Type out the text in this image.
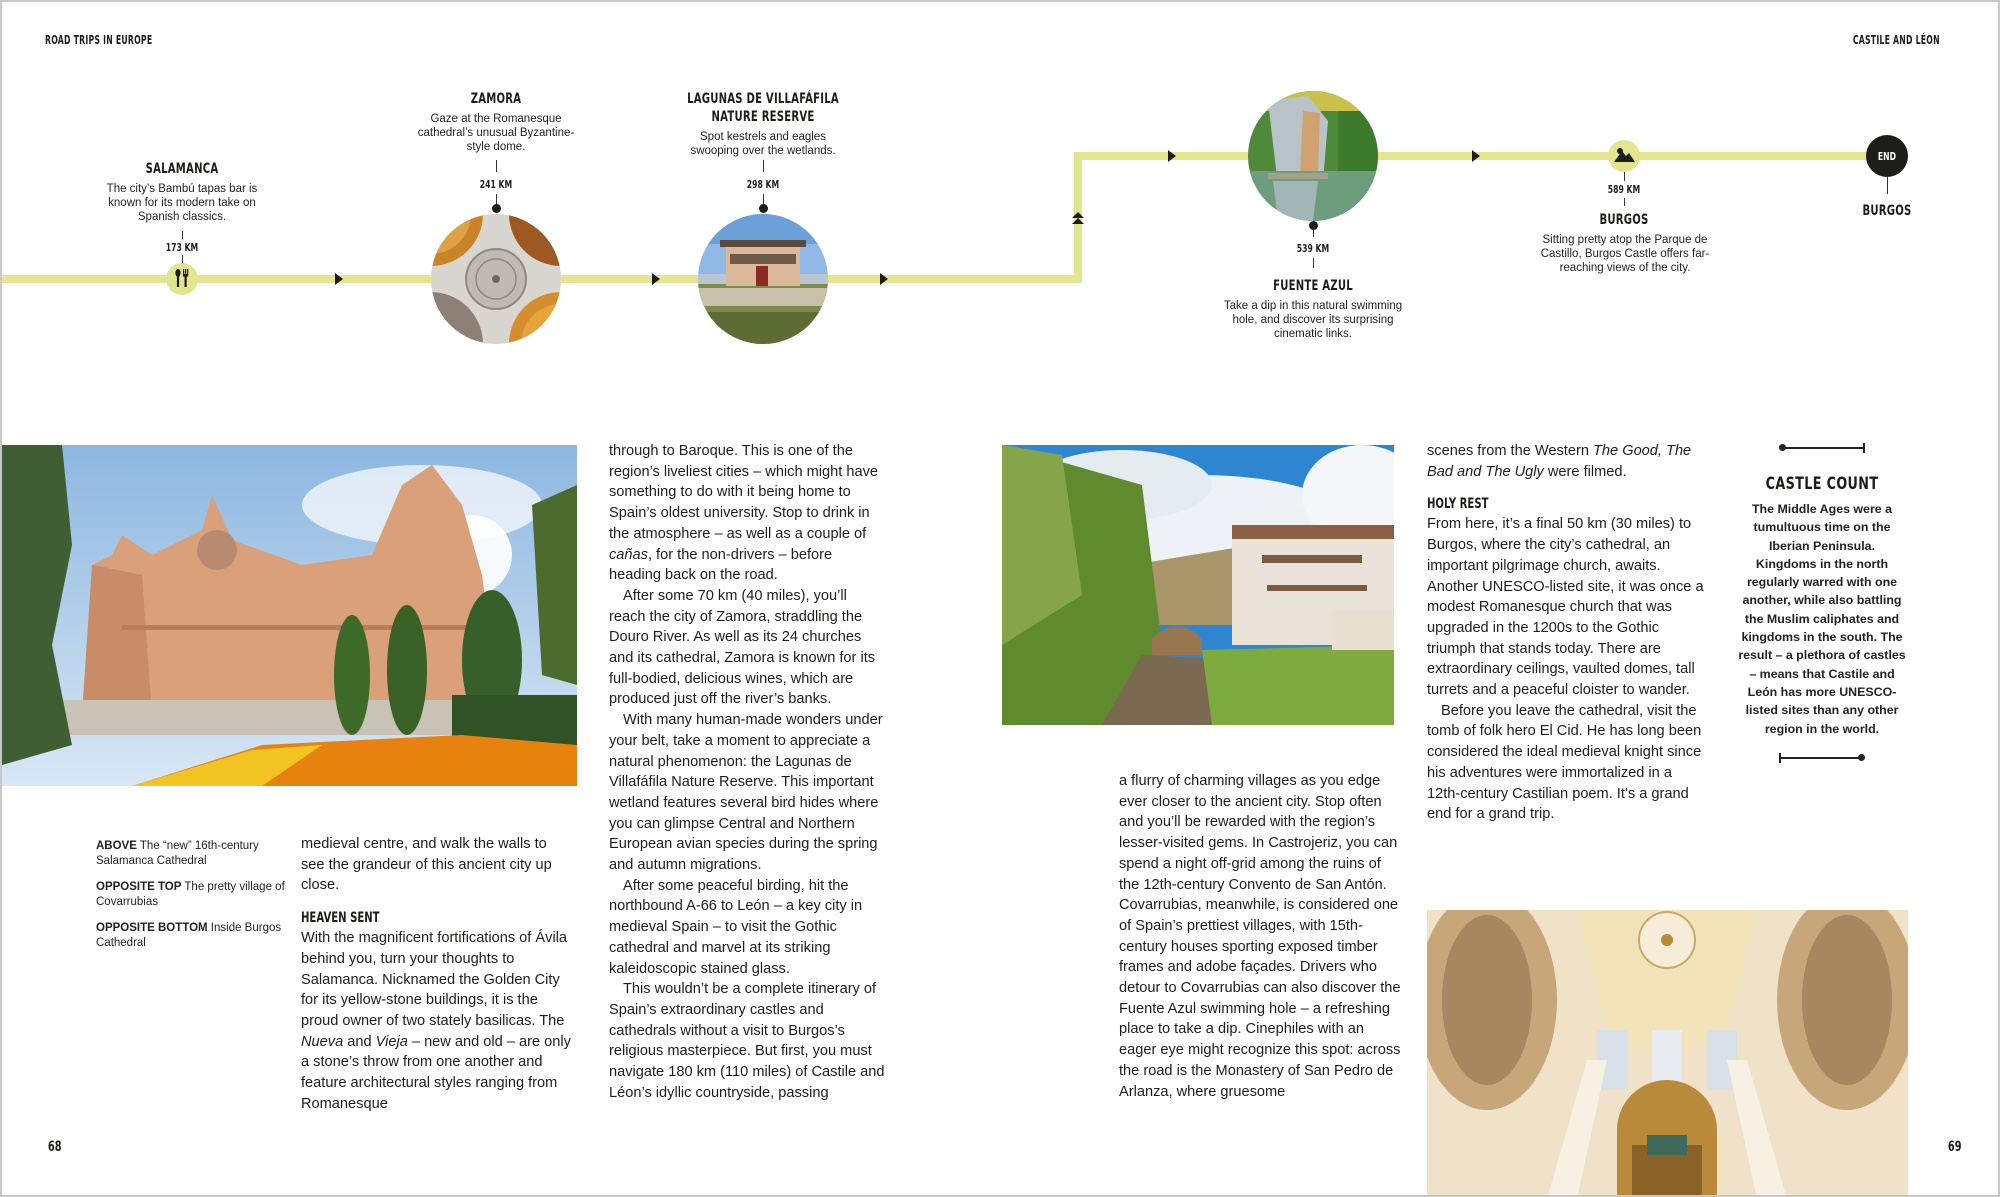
ROAD TRIPS IN EUROPE	CASTILE AND LÉON
SALAMANCA
The city’s Bambú tapas bar is known for its modern take on Spanish classics.
173 KM
ZAMORA
Gaze at the Romanesque cathedral’s unusual Byzantine-style dome.
241 KM
LAGUNAS DE VILLAFÁFILA
NATURE RESERVE
Spot kestrels and eagles swooping over the wetlands.
298 KM
539 KM
FUENTE AZUL
Take a dip in this natural swimming hole, and discover its surprising cinematic links.
589 KM
BURGOS
Sitting pretty atop the Parque de Castillo, Burgos Castle offers far-reaching views of the city.
END
BURGOS
ABOVE The “new” 16th-century Salamanca Cathedral
OPPOSITE TOP The pretty village of Covarrubias
OPPOSITE BOTTOM Inside Burgos Cathedral

medieval centre, and walk the walls to see the grandeur of this ancient city up close.

HEAVEN SENT

With the magnificent fortifications of Ávila behind you, turn your thoughts to Salamanca. Nicknamed the Golden City for its yellow-stone buildings, it is the proud owner of two stately basilicas. The Nueva and Vieja – new and old – are only a stone’s throw from one another and feature architectural styles ranging from Romanesque

through to Baroque. This is one of the region’s liveliest cities – which might have something to do with it being home to Spain’s oldest university. Stop to drink in the atmosphere – as well as a couple of cañas, for the non-drivers – before heading back on the road.

After some 70 km (40 miles), you’ll reach the city of Zamora, straddling the Douro River. As well as its 24 churches and its cathedral, Zamora is known for its full-bodied, delicious wines, which are produced just off the river’s banks.

With many human-made wonders under your belt, take a moment to appreciate a natural phenomenon: the Lagunas de Villafáfila Nature Reserve. This important wetland features several bird hides where you can glimpse Central and Northern European avian species during the spring and autumn migrations.

After some peaceful birding, hit the northbound A-66 to León – a key city in medieval Spain – to visit the Gothic cathedral and marvel at its striking kaleidoscopic stained glass.

This wouldn’t be a complete itinerary of Spain’s extraordinary castles and cathedrals without a visit to Burgos’s religious masterpiece. But first, you must navigate 180 km (110 miles) of Castile and Léon’s idyllic countryside, passing

a flurry of charming villages as you edge ever closer to the ancient city. Stop often and you’ll be rewarded with the region’s lesser-visited gems. In Castrojeriz, you can spend a night off-grid among the ruins of the 12th-century Convento de San Antón. Covarrubias, meanwhile, is considered one of Spain’s prettiest villages, with 15th-century houses sporting exposed timber frames and adobe façades. Drivers who detour to Covarrubias can also discover the Fuente Azul swimming hole – a refreshing place to take a dip. Cinephiles with an eager eye might recognize this spot: across the road is the Monastery of San Pedro de Arlanza, where gruesome

scenes from the Western The Good, The Bad and The Ugly were filmed.

HOLY REST

From here, it’s a final 50 km (30 miles) to Burgos, where the city’s cathedral, an important pilgrimage church, awaits. Another UNESCO-listed site, it was once a modest Romanesque church that was upgraded in the 1200s to the Gothic triumph that stands today. There are extraordinary ceilings, vaulted domes, tall turrets and a peaceful cloister to wander.

Before you leave the cathedral, visit the tomb of folk hero El Cid. He has long been considered the ideal medieval knight since his adventures were immortalized in a 12th-century Castilian poem. It’s a grand end for a grand trip.

CASTLE COUNT
The Middle Ages were a tumultuous time on the Iberian Peninsula. Kingdoms in the north regularly warred with one another, while also battling the Muslim caliphates and kingdoms in the south. The result – a plethora of castles – means that Castile and León has more UNESCO-listed sites than any other region in the world.
68	69
